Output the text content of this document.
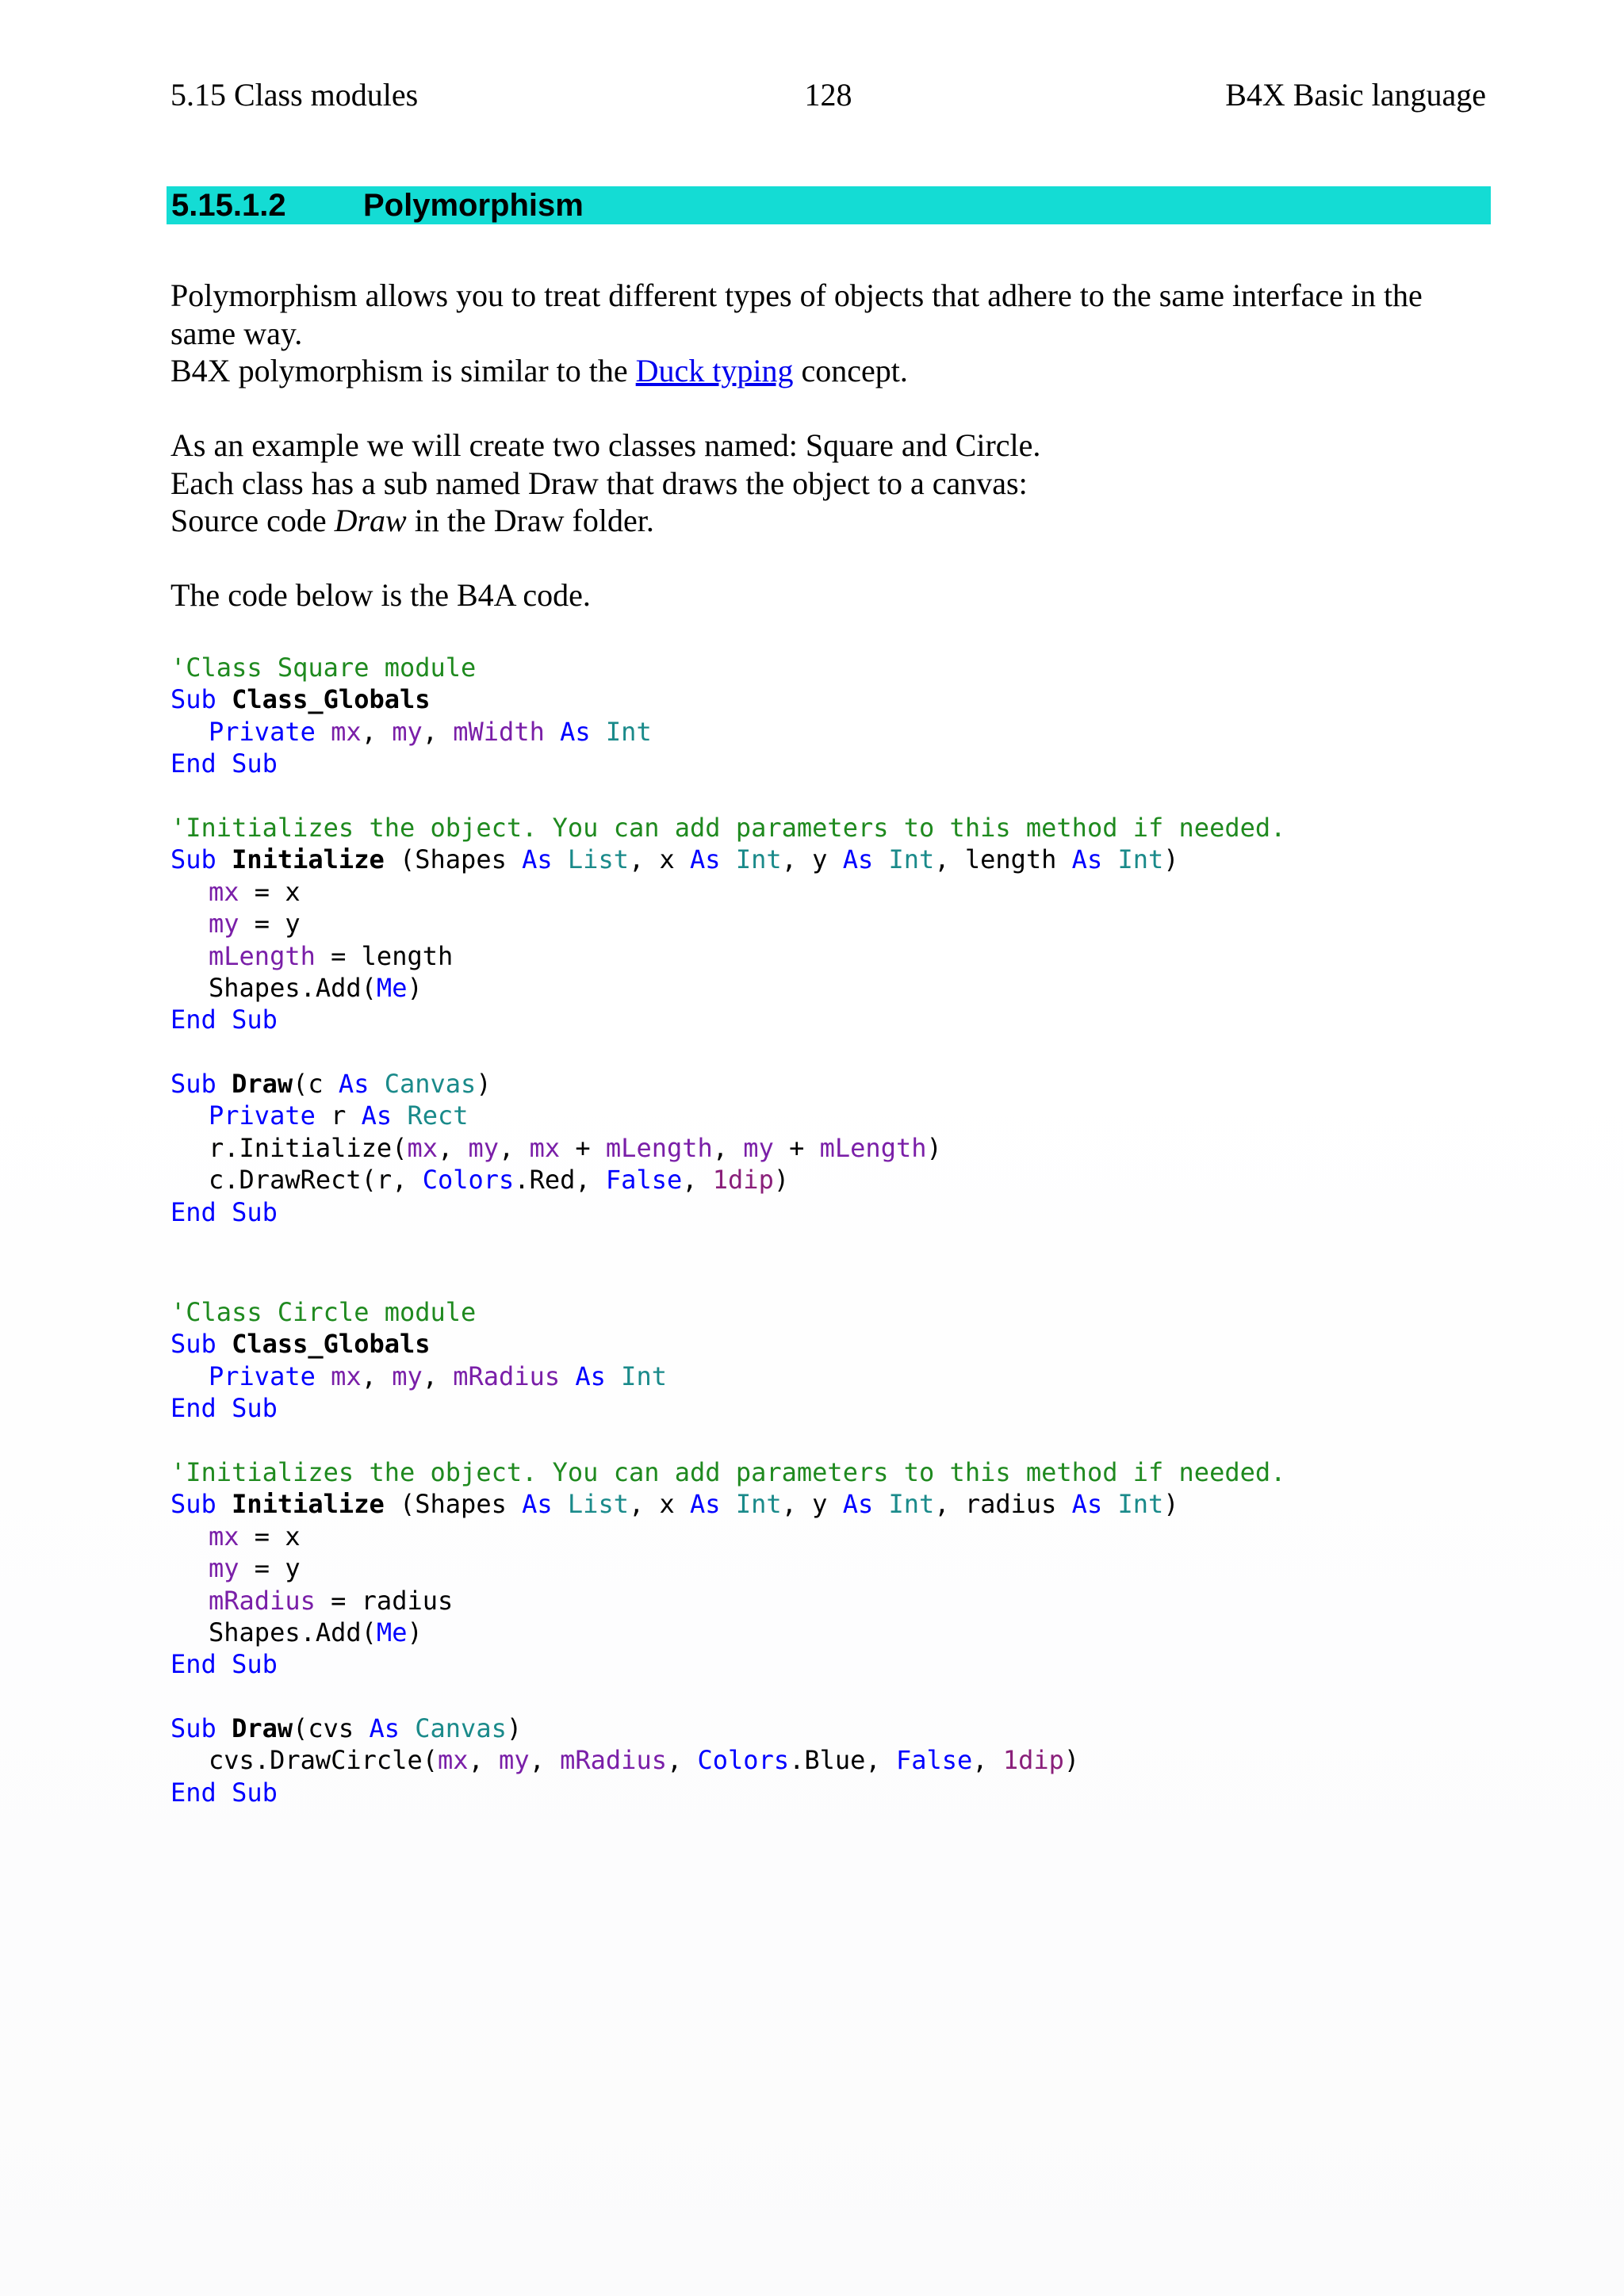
5.15 Class modules	128	B4X Basic language
5.15.1.2 Polymorphism

Polymorphism allows you to treat different types of objects that adhere to the same interface in the

same way.

B4X polymorphism is similar to the Duck typing concept.

As an example we will create two classes named: Square and Circle.

Each class has a sub named Draw that draws the object to a canvas:

Source code Draw in the Draw folder.

The code below is the B4A code.

'Class Square module
Sub Class_Globals
Private mx, my, mWidth As Int
End Sub
'Initializes the object. You can add parameters to this method if needed.
Sub Initialize (Shapes As List, x As Int, y As Int, length As Int)
mx = x
my = y
mLength = length
Shapes.Add(Me)
End Sub
Sub Draw(c As Canvas)
Private r As Rect
r.Initialize(mx, my, mx + mLength, my + mLength)
c.DrawRect(r, Colors.Red, False, 1dip)
End Sub
'Class Circle module
Sub Class_Globals
Private mx, my, mRadius As Int
End Sub
'Initializes the object. You can add parameters to this method if needed.
Sub Initialize (Shapes As List, x As Int, y As Int, radius As Int)
mx = x
my = y
mRadius = radius
Shapes.Add(Me)
End Sub
Sub Draw(cvs As Canvas)
cvs.DrawCircle(mx, my, mRadius, Colors.Blue, False, 1dip)
End Sub
